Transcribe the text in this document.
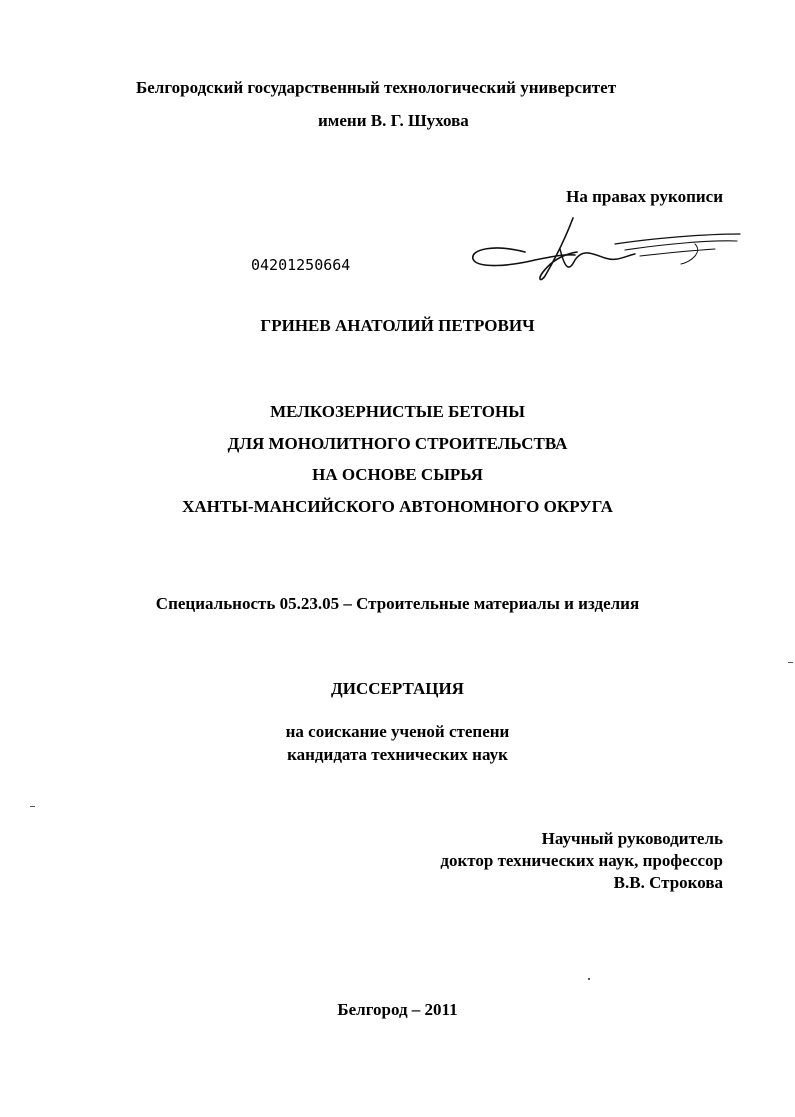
Белгородский государственный технологический университет
имени В. Г. Шухова
На правах рукописи
04201250664
ГРИНЕВ АНАТОЛИЙ ПЕТРОВИЧ
МЕЛКОЗЕРНИСТЫЕ БЕТОНЫ
ДЛЯ МОНОЛИТНОГО СТРОИТЕЛЬСТВА
НА ОСНОВЕ СЫРЬЯ
ХАНТЫ-МАНСИЙСКОГО АВТОНОМНОГО ОКРУГА
Специальность 05.23.05 – Строительные материалы и изделия
ДИССЕРТАЦИЯ
на соискание ученой степени
кандидата технических наук
Научный руководитель
доктор технических наук, профессор
В.В. Строкова
Белгород – 2011
